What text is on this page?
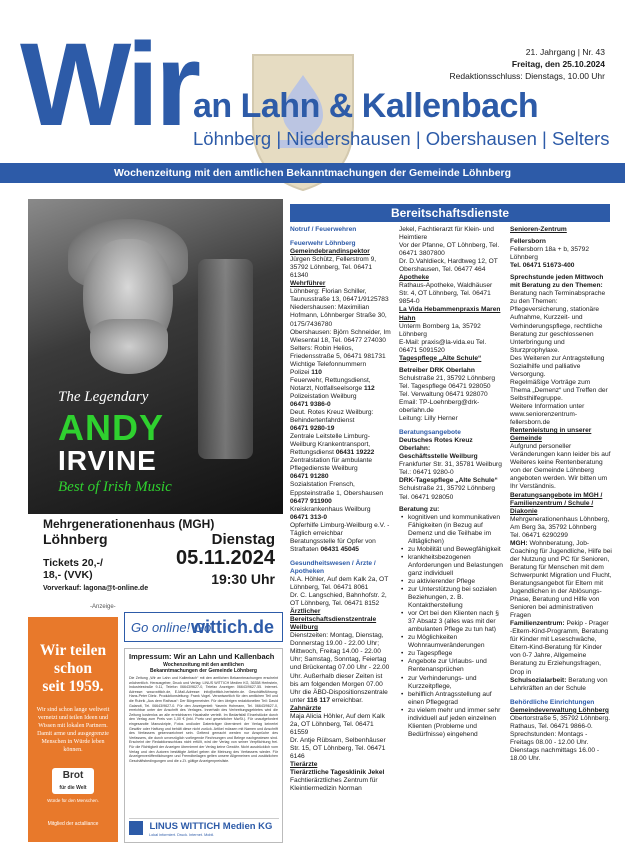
Wir
an Lahn & Kallenbach
Löhnberg | Niedershausen | Obershausen | Selters
21. Jahrgang | Nr. 43
Freitag, den 25.10.2024
Redaktionsschluss: Dienstags, 10.00 Uhr
Wochenzeitung mit den amtlichen Bekanntmachungen der Gemeinde Löhnberg
The Legendary
ANDY
IRVINE
Best of Irish Music
Mehrgenerationenhaus (MGH)
Löhnberg	Dienstag
05.11.2024
19:30 Uhr
Tickets 20,-/
18,- (VVK)
Vorverkauf: lagona@t-online.de
-Anzeige-
Wir teilen
schon
seit 1959.
Wir sind schon lange weltweit vernetzt und teilen Ideen und Wissen mit lokalen Partnern. Damit arme und ausgegrenzte Menschen in Würde leben können.
Brot
für die Welt
Würde für den Menschen.
Mitglied der actalliance
Go online! Go
wittich.de
Impressum: Wir an Lahn und Kallenbach
Wochenzeitung mit den amtlichen
Bekanntmachungen der Gemeinde Löhnberg
Die Zeitung „Wir an Lahn und Kallenbach“ mit den amtlichen Bekanntmachungen erscheint wöchentlich. Herausgeber, Druck und Verlag: LINUS WITTICH Medien KG, 36358 Herbstein, Industriestraße 9-11, Telefon 06643/9627-0, Telefax Anzeigen 06643/9627-55. Internet-Adresse: www.wittich.de, E-Mail-Adresse: info@wittich-herbstein.de. Geschäftsführung: Hans-Peter Dietz. Produktionsleitung: Frank Vogel. Verantwortlich für den amtlichen Teil und die Rubrik „Aus dem Rathaus“: Der Bürgermeister. Für den übrigen redaktionellen Teil: David Galandt, Tel. 06643/9627-0. Für den Anzeigenteil: Yasmin Hohmann, Tel. 06643/9627-0, erreichbar unter der Anschrift des Verlages. Innerhalb des Verbreitungsgebietes wird die Zeitung kostenlos an alle erreichbaren Haushalte verteilt. Im Bedarfsfall Einzelstücke durch den Verlag zum Preis von 1,00 € (inkl. Porto und gesetzlicher MwSt.). Für unaufgefordert eingesandte Manuskripte, Fotos und/oder Datenträger übernimmt der Verlag keinerlei Gewähr oder Haftung und behält diese nicht zurück. Artikel müssen mit Namen und Anschrift des Verfassers gekennzeichnet sein. Geltend gemacht werden nur Ansprüche des Verfassers, die durch unverzüglich vorliegende Rechnungen und Belege nachgewiesen sind. Erscheint der Redaktionsschluss nicht erfüllt, wird der Verlag von seiner Verpflichtung frei. Für die Richtigkeit der Anzeigen übernimmt der Verlag keine Gewähr. Nicht ausdrücklich vom Verlag und den Autoren bestätigte Artikel geben die Meinung des Verfassers wieder. Für Anzeigenveröffentlichungen und Fremdbeilagen gelten unsere Allgemeinen und zusätzlichen Geschäftsbedingungen und die z.Zt. gültige Anzeigenpreisliste.
LINUS WITTICH Medien KG
Lokal informiert. Druck. Internet. Mobil.
Bereitschaftsdienste

Notruf / Feuerwehren

Feuerwehr Löhnberg

Gemeindebrandinspektor

Jürgen Schütz, Fellerstrom 9, 35792 Löhnberg, Tel. 06471 61340

Wehrführer

Löhnberg: Florian Schiller, Taunusstraße 13, 06471/9125783

Niedershausen: Maximilian Hofmann, Löhnberger Straße 30, 0175/7436780

Obershausen: Björn Schneider, Im Wiesental 18, Tel. 06477 274030

Selters: Robin Helios, Friedensstraße 5, 06471 981731

Wichtige Telefonnummern

Polizei 110

Feuerwehr, Rettungsdienst, Notarzt, Notfallseelsorge 112

Polizeistation Weilburg

06471 9386-0

Deut. Rotes Kreuz Weilburg: Behindertenfahrdienst

06471 9280-19

Zentrale Leitstelle Limburg-Weilburg Krankentransport, Rettungsdienst 06431 19222

Zentralstation für ambulante Pflegedienste Weilburg

06471 91280

Sozialstation Frensch, Eppsteinstraße 1, Obershausen

06477 911900

Kreiskrankenhaus Weilburg

06471 313-0

Opferhilfe Limburg-Weilburg e.V. - Täglich erreichbar

Beratungsstelle für Opfer von Straftaten 06431 45045

Gesundheitswesen / Ärzte / Apotheken

N.A. Höhler, Auf dem Kalk 2a, OT Löhnberg, Tel. 06471 8061

Dr. C. Langschied, Bahnhofstr. 2, OT Löhnberg, Tel. 06471 8152

Ärztlicher Bereitschaftsdienstzentrale Weilburg

Dienstzeiten: Montag, Dienstag, Donnerstag 19.00 - 22.00 Uhr; Mittwoch, Freitag 14.00 - 22.00 Uhr; Samstag, Sonntag, Feiertag und Brückentag 07.00 Uhr - 22.00 Uhr. Außerhalb dieser Zeiten ist bis am folgenden Morgen 07.00 Uhr die ÄBD-Dispositionszentrale unter 116 117 erreichbar.

Zahnärzte

Maja Alicia Höhler, Auf dem Kalk 2a, OT Löhnberg, Tel. 06471 61559

Dr. Antje Rübsam, Selbenhäuser Str. 15, OT Löhnberg, Tel. 06471 6146

Tierärzte

Tierärztliche Tagesklinik Jekel

Fachtierärztliches Zentrum für Kleintiermedizin Norman

Jekel, Fachtierarzt für Klein- und Heimtiere

Vor der Pfanne, OT Löhnberg, Tel. 06471 3807800

Dr. D.Vahldieck, Hardtweg 12, OT Obershausen, Tel. 06477 464

Apotheke

Rathaus-Apotheke, Waldhäuser Str. 4, OT Löhnberg, Tel. 06471 9854-0

La Vida Hebammenpraxis Maren Hahn

Unterm Bornberg 1a, 35792 Löhnberg

E-Mail: praxis@la-vida.eu Tel. 06471 5091520

Tagespflege „Alte Schule“

Betreiber DRK Oberlahn

Schulstraße 21, 35792 Löhnberg

Tel. Tagespflege 06471 928050

Tel. Verwaltung 06471 928070

Email: TP-Loehnberg@drk-oberlahn.de

Leitung: Lilly Herner

Beratungsangebote

Deutsches Rotes Kreuz Oberlahn:

Geschäftsstelle Weilburg

Frankfurter Str. 31, 35781 Weilburg

Tel.: 06471 9280-0

DRK-Tagespflege „Alte Schule“

Schulstraße 21, 35792 Löhnberg

Tel. 06471 928050

Beratung zu:

• kognitiven und kommunikativen Fähigkeiten (in Bezug auf Demenz und die Teilhabe im Alltäglichen)
• zu Mobilität und Bewegfähigkeit
• krankheitsbezogenen Anforderungen und Belastungen ganz individuell
• zu aktivierender Pflege
• zur Unterstützung bei sozialen Beziehungen, z. B. Kontaktherstellung
• vor Ort bei den Klienten nach § 37 Absatz 3 (alles was mit der ambulanten Pflege zu tun hat)
• zu Möglichkeiten Wohnraumveränderungen
• zu Tagespflege
• Angebote zur Urlaubs- und Rentenansprüchen
• zur Verhinderungs- und Kurzzeitpflege,
• behilflich Antragsstellung auf einen Pflegegrad
• zu vielem mehr und immer sehr individuell auf jeden einzelnen Klienten (Probleme und Bedürfnisse) eingehend

Senioren-Zentrum

Fellersborn

Fellersborn 18a + b, 35792 Löhnberg

Tel. 06471 51673-400

Sprechstunde jeden Mittwoch mit Beratung zu den Themen:

Beratung nach Terminabsprache zu den Themen: Pflegeversicherung, stationäre Aufnahme, Kurzzeit- und Verhinderungspflege, rechtliche Beratung zur geschlossenen Unterbringung und Sturzprophylaxe.

Des Weiteren zur Antragstellung Sozialhilfe und palliative Versorgung.

Regelmäßige Vorträge zum Thema „Demenz“ und Treffen der Selbsthilfegruppe.

Weitere Information unter www.seniorenzentrum-fellersborn.de

Rentenleistung in unserer Gemeinde

Aufgrund personeller Veränderungen kann leider bis auf Weiteres keine Rentenberatung von der Gemeinde Löhnberg angeboten werden. Wir bitten um Ihr Verständnis.

Beratungsangebote im MGH / Familienzentrum / Schule / Diakonie

Mehrgenerationenhaus Löhnberg, Am Berg 3a, 35792 Löhnberg

Tel. 06471 6290299

MGH: Wohnberatung, Job-Coaching für Jugendliche, Hilfe bei der Nutzung und PC für Senioren, Beratung für Menschen mit dem Schwerpunkt Migration und Flucht, Beratungsangebot für Eltern mit Jugendlichen in der Ablösungs-Phase, Beratung und Hilfe von Senioren bei administrativen Fragen

Familienzentrum: Pekip - Prager -Eltern-Kind-Programm, Beratung für Kinder mit Leseschwäche, Eltern-Kind-Beratung für Kinder von 0-7 Jahre, Allgemeine Beratung zu Erziehungsfragen, Drop in

Schulsozialarbeit: Beratung von Lehrkräften an der Schule

Behördliche Einrichtungen

Gemeindeverwaltung Löhnberg

Obertorstraße 5, 35792 Löhnberg. Rathaus, Tel. 06471 9866-0. Sprechstunden: Montags - Freitags 08.00 - 12.00 Uhr. Dienstags nachmittags 16.00 - 18.00 Uhr.
